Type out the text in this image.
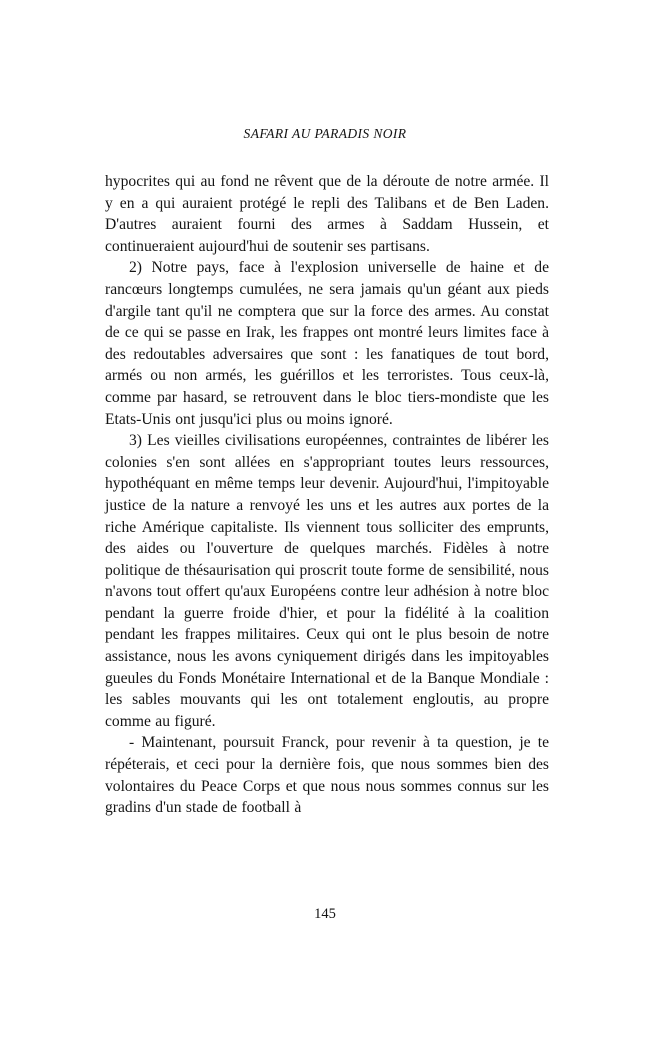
SAFARI AU PARADIS NOIR

hypocrites qui au fond ne rêvent que de la déroute de notre armée. Il y en a qui auraient protégé le repli des Talibans et de Ben Laden. D'autres auraient fourni des armes à Saddam Hussein, et continueraient aujourd'hui de soutenir ses partisans.

2) Notre pays, face à l'explosion universelle de haine et de rancœurs longtemps cumulées, ne sera jamais qu'un géant aux pieds d'argile tant qu'il ne comptera que sur la force des armes. Au constat de ce qui se passe en Irak, les frappes ont montré leurs limites face à des redoutables adversaires que sont : les fanatiques de tout bord, armés ou non armés, les guérillos et les terroristes. Tous ceux-là, comme par hasard, se retrouvent dans le bloc tiers-mondiste que les Etats-Unis ont jusqu'ici plus ou moins ignoré.

3) Les vieilles civilisations européennes, contraintes de libérer les colonies s'en sont allées en s'appropriant toutes leurs ressources, hypothéquant en même temps leur devenir. Aujourd'hui, l'impitoyable justice de la nature a renvoyé les uns et les autres aux portes de la riche Amérique capitaliste. Ils viennent tous solliciter des emprunts, des aides ou l'ouverture de quelques marchés. Fidèles à notre politique de thésaurisation qui proscrit toute forme de sensibilité, nous n'avons tout offert qu'aux Européens contre leur adhésion à notre bloc pendant la guerre froide d'hier, et pour la fidélité à la coalition pendant les frappes militaires. Ceux qui ont le plus besoin de notre assistance, nous les avons cyniquement dirigés dans les impitoyables gueules du Fonds Monétaire International et de la Banque Mondiale : les sables mouvants qui les ont totalement engloutis, au propre comme au figuré.

- Maintenant, poursuit Franck, pour revenir à ta question, je te répéterais, et ceci pour la dernière fois, que nous sommes bien des volontaires du Peace Corps et que nous nous sommes connus sur les gradins d'un stade de football à

145
